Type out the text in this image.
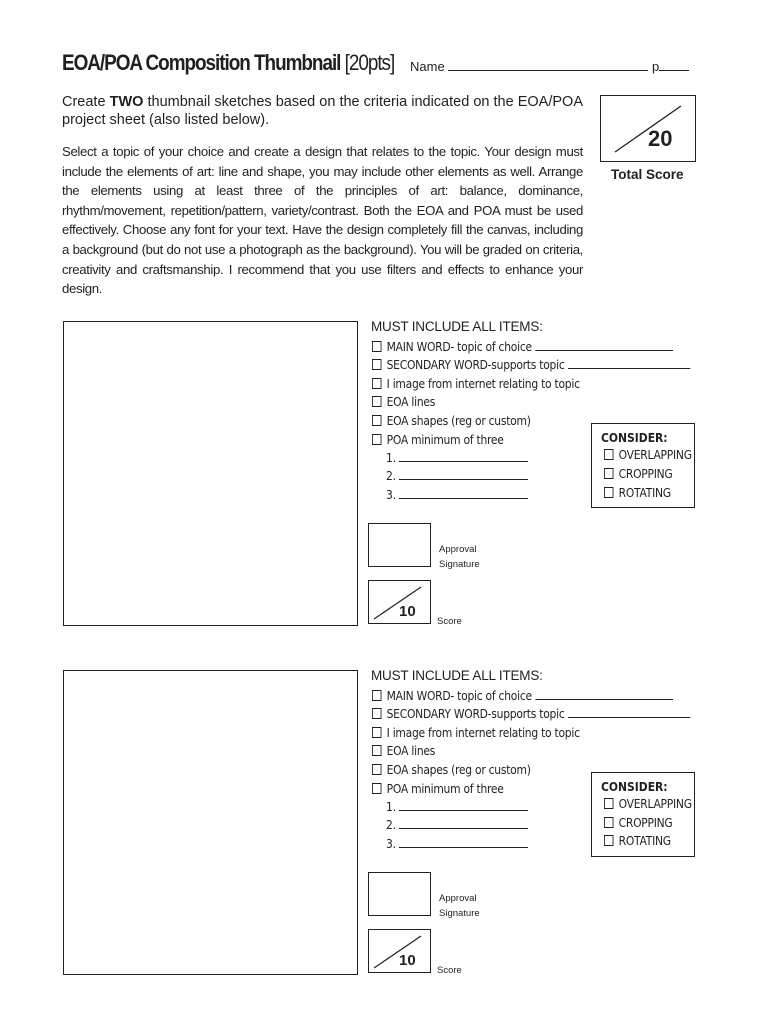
EOA/POA Composition Thumbnail [20pts] Name	p
Create TWO thumbnail sketches based on the criteria indicated on the EOA/POA project sheet (also listed below).
Select a topic of your choice and create a design that relates to the topic. Your design must include the elements of art: line and shape, you may include other elements as well. Arrange the elements using at least three of the principles of art: balance, dominance, rhythm/movement, repetition/pattern, variety/contrast. Both the EOA and POA must be used effectively. Choose any font for your text. Have the design completely fill the canvas, including a background (but do not use a photograph as the background). You will be graded on criteria, creativity and craftsmanship. I recommend that you use filters and effects to enhance your design.
20
Total Score
MUST INCLUDE ALL ITEMS:
MAIN WORD- topic of choice
SECONDARY WORD-supports topic
I image from internet relating to topic
EOA lines
EOA shapes (reg or custom)
POA minimum of three
1.
2.
3.
CONSIDER:
OVERLAPPING
CROPPING
ROTATING
Approval
Signature
10
Score
MUST INCLUDE ALL ITEMS:
MAIN WORD- topic of choice
SECONDARY WORD-supports topic
I image from internet relating to topic
EOA lines
EOA shapes (reg or custom)
POA minimum of three
1.
2.
3.
CONSIDER:
OVERLAPPING
CROPPING
ROTATING
Approval
Signature
10
Score
